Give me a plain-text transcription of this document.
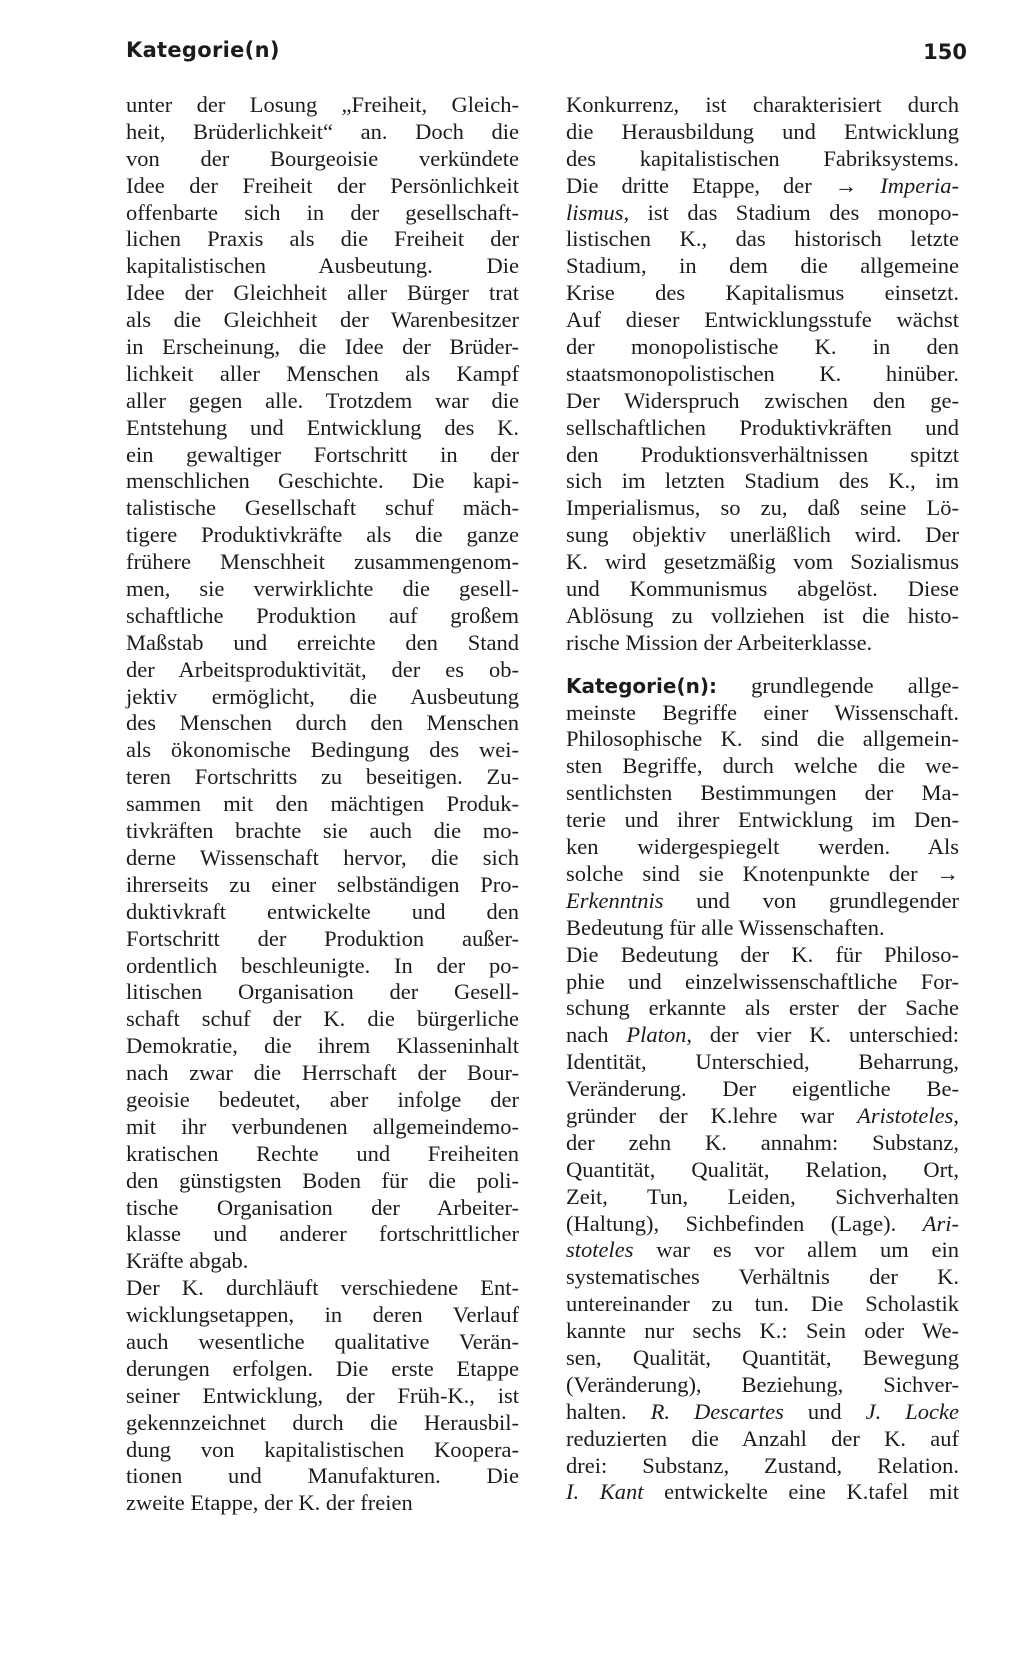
Kategorie(n)	150
unter der Losung „Freiheit, Gleich-
heit, Brüderlichkeit“ an. Doch die
von der Bourgeoisie verkündete
Idee der Freiheit der Persönlichkeit
offenbarte sich in der gesellschaft-
lichen Praxis als die Freiheit der
kapitalistischen Ausbeutung. Die
Idee der Gleichheit aller Bürger trat
als die Gleichheit der Warenbesitzer
in Erscheinung, die Idee der Brüder-
lichkeit aller Menschen als Kampf
aller gegen alle. Trotzdem war die
Entstehung und Entwicklung des K.
ein gewaltiger Fortschritt in der
menschlichen Geschichte. Die kapi-
talistische Gesellschaft schuf mäch-
tigere Produktivkräfte als die ganze
frühere Menschheit zusammengenom-
men, sie verwirklichte die gesell-
schaftliche Produktion auf großem
Maßstab und erreichte den Stand
der Arbeitsproduktivität, der es ob-
jektiv ermöglicht, die Ausbeutung
des Menschen durch den Menschen
als ökonomische Bedingung des wei-
teren Fortschritts zu beseitigen. Zu-
sammen mit den mächtigen Produk-
tivkräften brachte sie auch die mo-
derne Wissenschaft hervor, die sich
ihrerseits zu einer selbständigen Pro-
duktivkraft entwickelte und den
Fortschritt der Produktion außer-
ordentlich beschleunigte. In der po-
litischen Organisation der Gesell-
schaft schuf der K. die bürgerliche
Demokratie, die ihrem Klasseninhalt
nach zwar die Herrschaft der Bour-
geoisie bedeutet, aber infolge der
mit ihr verbundenen allgemeindemo-
kratischen Rechte und Freiheiten
den günstigsten Boden für die poli-
tische Organisation der Arbeiter-
klasse und anderer fortschrittlicher
Kräfte abgab.
Der K. durchläuft verschiedene Ent-
wicklungsetappen, in deren Verlauf
auch wesentliche qualitative Verän-
derungen erfolgen. Die erste Etappe
seiner Entwicklung, der Früh-K., ist
gekennzeichnet durch die Herausbil-
dung von kapitalistischen Koopera-
tionen und Manufakturen. Die
zweite Etappe, der K. der freien
Konkurrenz, ist charakterisiert durch
die Herausbildung und Entwicklung
des kapitalistischen Fabriksystems.
Die dritte Etappe, der → Imperia-
lismus, ist das Stadium des monopo-
listischen K., das historisch letzte
Stadium, in dem die allgemeine
Krise des Kapitalismus einsetzt.
Auf dieser Entwicklungsstufe wächst
der monopolistische K. in den
staatsmonopolistischen K. hinüber.
Der Widerspruch zwischen den ge-
sellschaftlichen Produktivkräften und
den Produktionsverhältnissen spitzt
sich im letzten Stadium des K., im
Imperialismus, so zu, daß seine Lö-
sung objektiv unerläßlich wird. Der
K. wird gesetzmäßig vom Sozialismus
und Kommunismus abgelöst. Diese
Ablösung zu vollziehen ist die histo-
rische Mission der Arbeiterklasse.
Kategorie(n): grundlegende allge-
meinste Begriffe einer Wissenschaft.
Philosophische K. sind die allgemein-
sten Begriffe, durch welche die we-
sentlichsten Bestimmungen der Ma-
terie und ihrer Entwicklung im Den-
ken widergespiegelt werden. Als
solche sind sie Knotenpunkte der →
Erkenntnis und von grundlegender
Bedeutung für alle Wissenschaften.
Die Bedeutung der K. für Philoso-
phie und einzelwissenschaftliche For-
schung erkannte als erster der Sache
nach Platon, der vier K. unterschied:
Identität, Unterschied, Beharrung,
Veränderung. Der eigentliche Be-
gründer der K.lehre war Aristoteles,
der zehn K. annahm: Substanz,
Quantität, Qualität, Relation, Ort,
Zeit, Tun, Leiden, Sichverhalten
(Haltung), Sichbefinden (Lage). Ari-
stoteles war es vor allem um ein
systematisches Verhältnis der K.
untereinander zu tun. Die Scholastik
kannte nur sechs K.: Sein oder We-
sen, Qualität, Quantität, Bewegung
(Veränderung), Beziehung, Sichver-
halten. R. Descartes und J. Locke
reduzierten die Anzahl der K. auf
drei: Substanz, Zustand, Relation.
I. Kant entwickelte eine K.tafel mit
